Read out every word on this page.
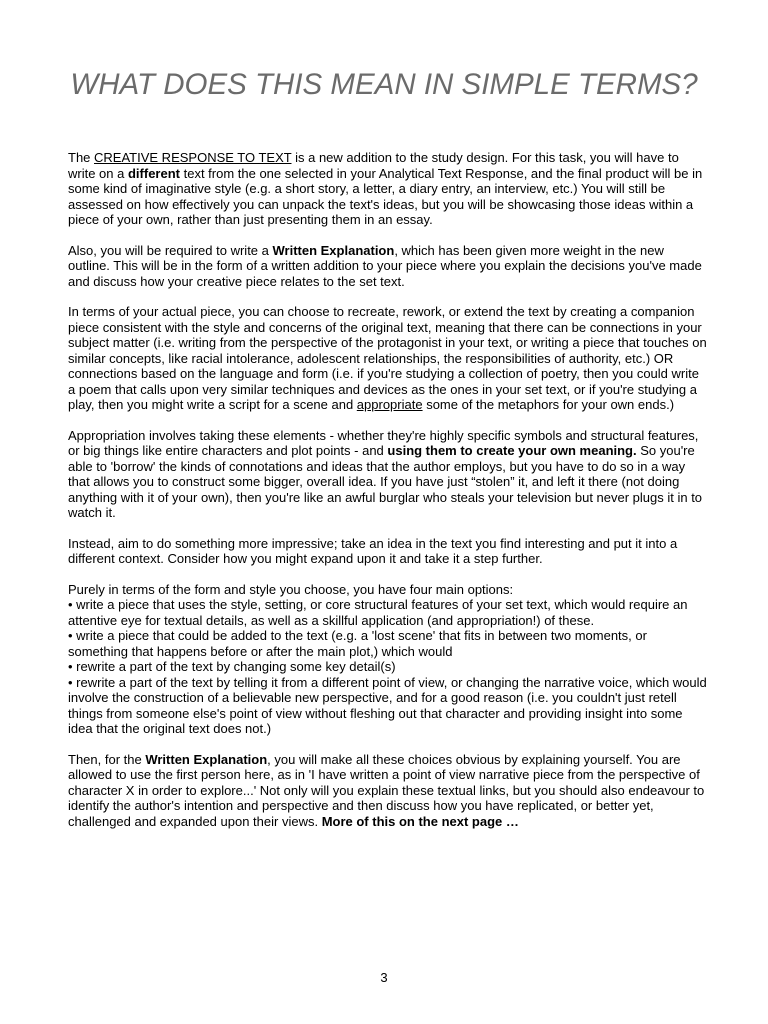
WHAT DOES THIS MEAN IN SIMPLE TERMS?

The CREATIVE RESPONSE TO TEXT is a new addition to the study design. For this task, you will have to write on a different text from the one selected in your Analytical Text Response, and the final product will be in some kind of imaginative style (e.g. a short story, a letter, a diary entry, an interview, etc.) You will still be assessed on how effectively you can unpack the text's ideas, but you will be showcasing those ideas within a piece of your own, rather than just presenting them in an essay.

Also, you will be required to write a Written Explanation, which has been given more weight in the new outline. This will be in the form of a written addition to your piece where you explain the decisions you've made and discuss how your creative piece relates to the set text.

In terms of your actual piece, you can choose to recreate, rework, or extend the text by creating a companion piece consistent with the style and concerns of the original text, meaning that there can be connections in your subject matter (i.e. writing from the perspective of the protagonist in your text, or writing a piece that touches on similar concepts, like racial intolerance, adolescent relationships, the responsibilities of authority, etc.) OR connections based on the language and form (i.e. if you're studying a collection of poetry, then you could write a poem that calls upon very similar techniques and devices as the ones in your set text, or if you're studying a play, then you might write a script for a scene and appropriate some of the metaphors for your own ends.)

Appropriation involves taking these elements - whether they're highly specific symbols and structural features, or big things like entire characters and plot points - and using them to create your own meaning. So you're able to 'borrow' the kinds of connotations and ideas that the author employs, but you have to do so in a way that allows you to construct some bigger, overall idea. If you have just “stolen” it, and left it there (not doing anything with it of your own), then you're like an awful burglar who steals your television but never plugs it in to watch it.

Instead, aim to do something more impressive; take an idea in the text you find interesting and put it into a different context. Consider how you might expand upon it and take it a step further.

Purely in terms of the form and style you choose, you have four main options:

• write a piece that uses the style, setting, or core structural features of your set text, which would require an attentive eye for textual details, as well as a skillful application (and appropriation!) of these.

• write a piece that could be added to the text (e.g. a 'lost scene' that fits in between two moments, or something that happens before or after the main plot,) which would

• rewrite a part of the text by changing some key detail(s)

• rewrite a part of the text by telling it from a different point of view, or changing the narrative voice, which would involve the construction of a believable new perspective, and for a good reason (i.e. you couldn't just retell things from someone else's point of view without fleshing out that character and providing insight into some idea that the original text does not.)

Then, for the Written Explanation, you will make all these choices obvious by explaining yourself. You are allowed to use the first person here, as in 'I have written a point of view narrative piece from the perspective of character X in order to explore...' Not only will you explain these textual links, but you should also endeavour to identify the author's intention and perspective and then discuss how you have replicated, or better yet, challenged and expanded upon their views. More of this on the next page …

3
